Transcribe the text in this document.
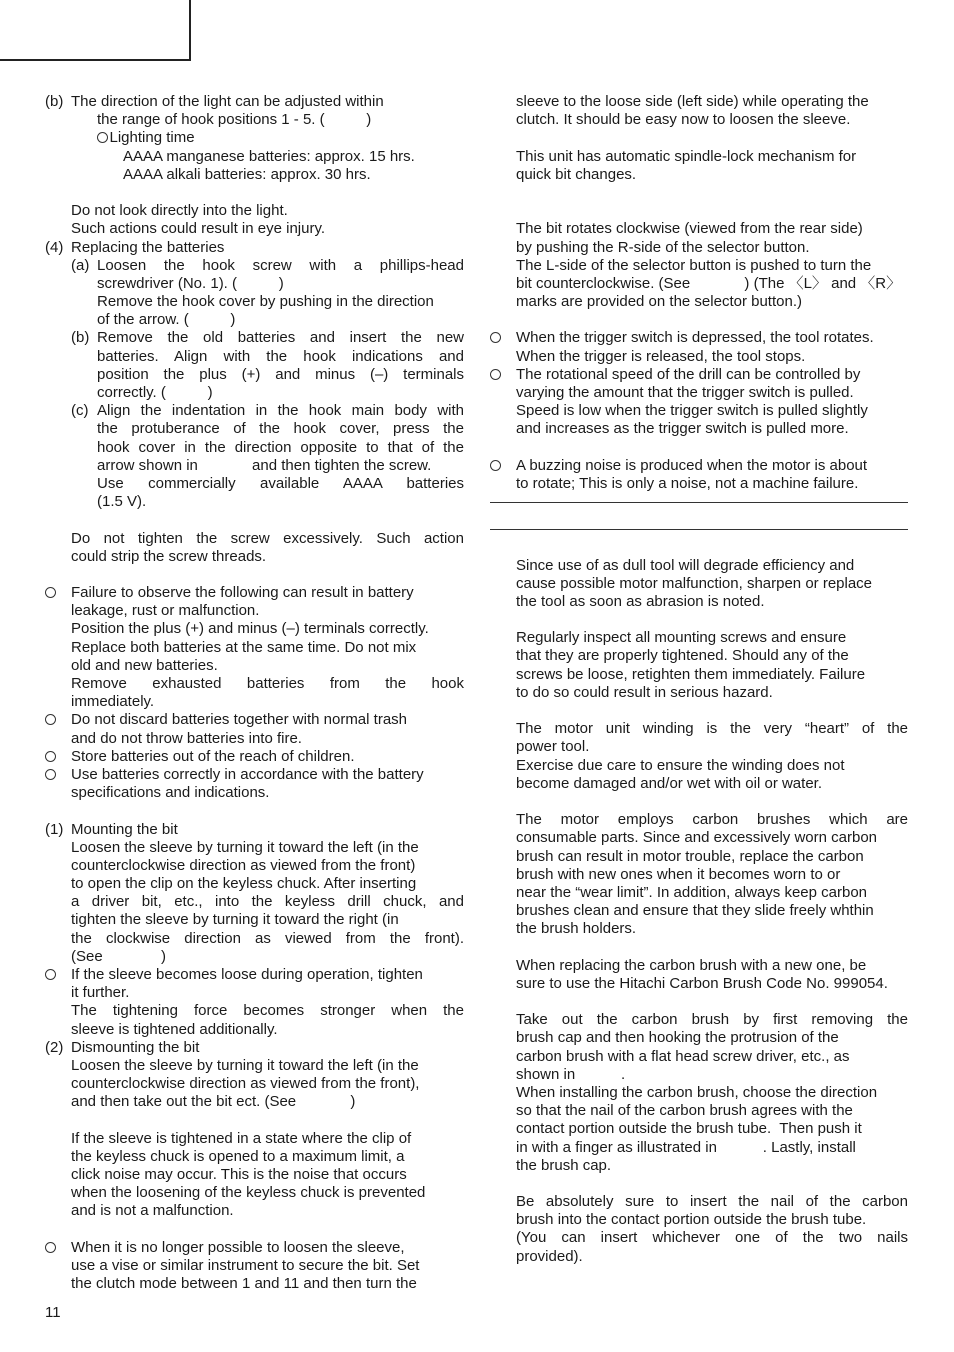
(b) The direction of the light can be adjusted within
the range of hook positions 1 - 5. (          )
Lighting time
AAAA manganese batteries: approx. 15 hrs.
AAAA alkali batteries: approx. 30 hrs.
Do not look directly into the light.
Such actions could result in eye injury.
(4) Replacing the batteries
(a) Loosen the hook screw with a phillips-head
screwdriver (No. 1). (          )
Remove the hook cover by pushing in the direction
of the arrow. (          )
(b) Remove the old batteries and insert the new
batteries. Align with the hook indications and
position the plus (+) and minus (–) terminals
correctly. (          )
(c) Align the indentation in the hook main body with
the protuberance of the hook cover, press the
hook cover in the direction opposite to that of the
arrow shown in             and then tighten the screw.
Use commercially available AAAA batteries
(1.5 V).
Do not tighten the screw excessively. Such action
could strip the screw threads.
Failure to observe the following can result in battery
leakage, rust or malfunction.
Position the plus (+) and minus (–) terminals correctly.
Replace both batteries at the same time. Do not mix
old and new batteries.
Remove exhausted batteries from the hook
immediately.
Do not discard batteries together with normal trash
and do not throw batteries into fire.
Store batteries out of the reach of children.
Use batteries correctly in accordance with the battery
specifications and indications.
(1) Mounting the bit
Loosen the sleeve by turning it toward the left (in the
counterclockwise direction as viewed from the front)
to open the clip on the keyless chuck. After inserting
a driver bit, etc., into the keyless drill chuck, and
tighten the sleeve by turning it toward the right (in
the clockwise direction as viewed from the front).
(See              )
If the sleeve becomes loose during operation, tighten
it further.
The tightening force becomes stronger when the
sleeve is tightened additionally.
(2) Dismounting the bit
Loosen the sleeve by turning it toward the left (in the
counterclockwise direction as viewed from the front),
and then take out the bit ect. (See             )
If the sleeve is tightened in a state where the clip of
the keyless chuck is opened to a maximum limit, a
click noise may occur. This is the noise that occurs
when the loosening of the keyless chuck is prevented
and is not a malfunction.
When it is no longer possible to loosen the sleeve,
use a vise or similar instrument to secure the bit. Set
the clutch mode between 1 and 11 and then turn the
sleeve to the loose side (left side) while operating the
clutch. It should be easy now to loosen the sleeve.
This unit has automatic spindle-lock mechanism for
quick bit changes.
The bit rotates clockwise (viewed from the rear side)
by pushing the R-side of the selector button.
The L-side of the selector button is pushed to turn the
bit counterclockwise. (See             ) (The 〈L〉 and 〈R〉
marks are provided on the selector button.)
When the trigger switch is depressed, the tool rotates.
When the trigger is released, the tool stops.
The rotational speed of the drill can be controlled by
varying the amount that the trigger switch is pulled.
Speed is low when the trigger switch is pulled slightly
and increases as the trigger switch is pulled more.
A buzzing noise is produced when the motor is about
to rotate; This is only a noise, not a machine failure.
Since use of as dull tool will degrade efficiency and
cause possible motor malfunction, sharpen or replace
the tool as soon as abrasion is noted.
Regularly inspect all mounting screws and ensure
that they are properly tightened. Should any of the
screws be loose, retighten them immediately. Failure
to do so could result in serious hazard.
The motor unit winding is the very “heart” of the
power tool.
Exercise due care to ensure the winding does not
become damaged and/or wet with oil or water.
The motor employs carbon brushes which are
consumable parts. Since and excessively worn carbon
brush can result in motor trouble, replace the carbon
brush with new ones when it becomes worn to or
near the “wear limit”. In addition, always keep carbon
brushes clean and ensure that they slide freely whthin
the brush holders.
When replacing the carbon brush with a new one, be
sure to use the Hitachi Carbon Brush Code No. 999054.
Take out the carbon brush by first removing the
brush cap and then hooking the protrusion of the
carbon brush with a flat head screw driver, etc., as
shown in           .
When installing the carbon brush, choose the direction
so that the nail of the carbon brush agrees with the
contact portion outside the brush tube.  Then push it
in with a finger as illustrated in           . Lastly, install
the brush cap.
Be absolutely sure to insert the nail of the carbon
brush into the contact portion outside the brush tube.
(You can insert whichever one of the two nails
provided).
11
